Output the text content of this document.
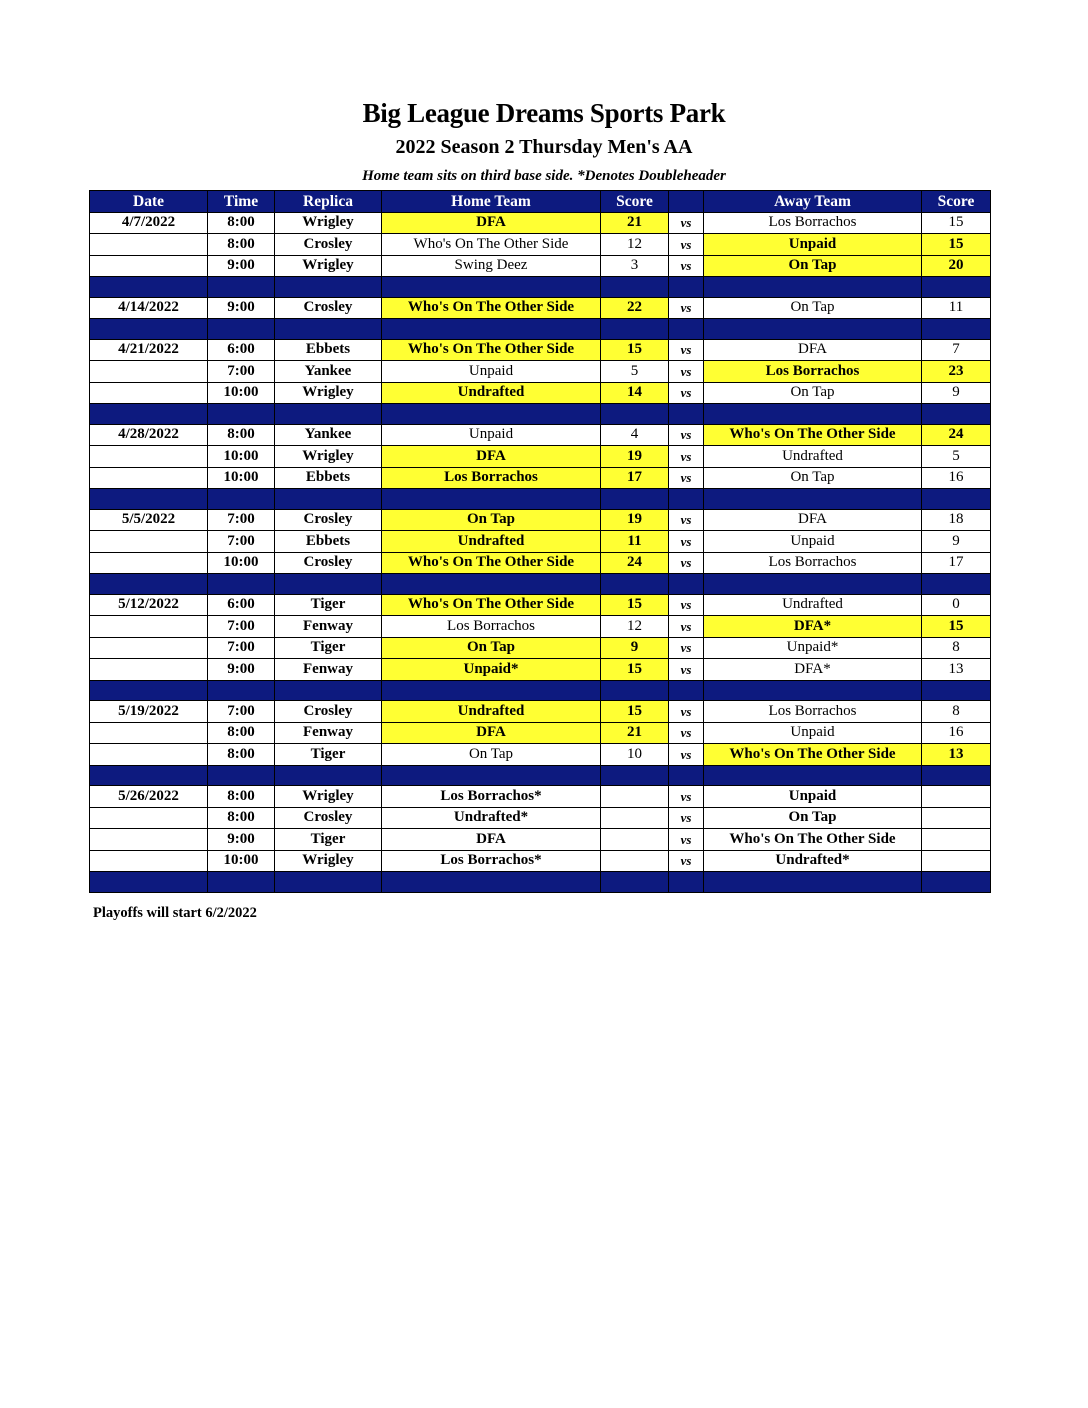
Big League Dreams Sports Park
2022 Season 2 Thursday Men's AA
Home team sits on third base side. *Denotes Doubleheader
Date	Time	Replica	Home Team	Score		Away Team	Score
4/7/2022	8:00	Wrigley	DFA	21	vs	Los Borrachos	15
	8:00	Crosley	Who's On The Other Side	12	vs	Unpaid	15
	9:00	Wrigley	Swing Deez	3	vs	On Tap	20

4/14/2022	9:00	Crosley	Who's On The Other Side	22	vs	On Tap	11

4/21/2022	6:00	Ebbets	Who's On The Other Side	15	vs	DFA	7
	7:00	Yankee	Unpaid	5	vs	Los Borrachos	23
	10:00	Wrigley	Undrafted	14	vs	On Tap	9

4/28/2022	8:00	Yankee	Unpaid	4	vs	Who's On The Other Side	24
	10:00	Wrigley	DFA	19	vs	Undrafted	5
	10:00	Ebbets	Los Borrachos	17	vs	On Tap	16

5/5/2022	7:00	Crosley	On Tap	19	vs	DFA	18
	7:00	Ebbets	Undrafted	11	vs	Unpaid	9
	10:00	Crosley	Who's On The Other Side	24	vs	Los Borrachos	17

5/12/2022	6:00	Tiger	Who's On The Other Side	15	vs	Undrafted	0
	7:00	Fenway	Los Borrachos	12	vs	DFA*	15
	7:00	Tiger	On Tap	9	vs	Unpaid*	8
	9:00	Fenway	Unpaid*	15	vs	DFA*	13

5/19/2022	7:00	Crosley	Undrafted	15	vs	Los Borrachos	8
	8:00	Fenway	DFA	21	vs	Unpaid	16
	8:00	Tiger	On Tap	10	vs	Who's On The Other Side	13

5/26/2022	8:00	Wrigley	Los Borrachos*		vs	Unpaid	
	8:00	Crosley	Undrafted*		vs	On Tap	
	9:00	Tiger	DFA		vs	Who's On The Other Side	
	10:00	Wrigley	Los Borrachos*		vs	Undrafted*	

Playoffs will start 6/2/2022
